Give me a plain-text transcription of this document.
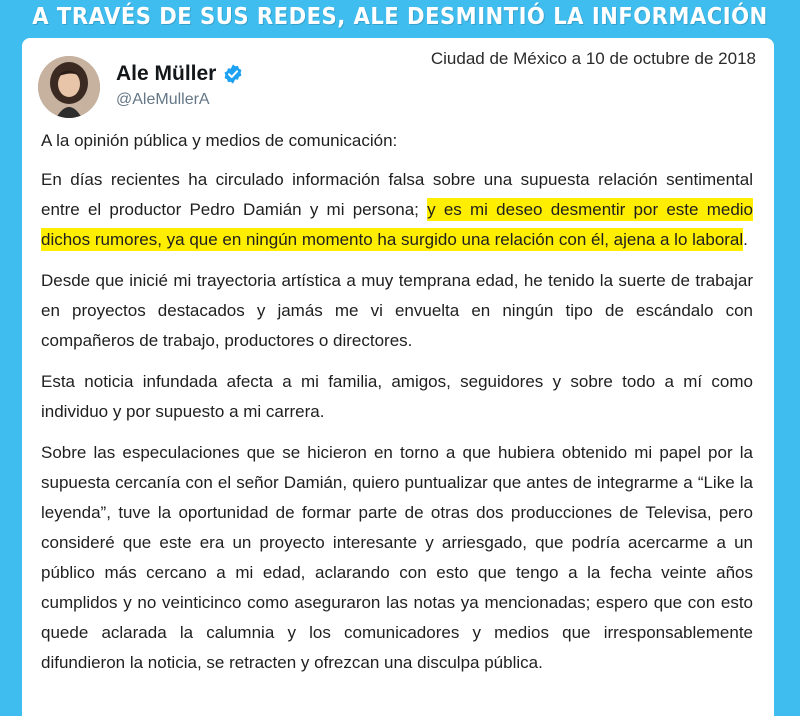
A TRAVÉS DE SUS REDES, ALE DESMINTIÓ LA INFORMACIÓN
Ale Müller
@AleMullerA
Ciudad de México a 10 de octubre de 2018

A la opinión pública y medios de comunicación:

En días recientes ha circulado información falsa sobre una supuesta relación sentimental entre el productor Pedro Damián y mi persona; y es mi deseo desmentir por este medio dichos rumores, ya que en ningún momento ha surgido una relación con él, ajena a lo laboral.

Desde que inicié mi trayectoria artística a muy temprana edad, he tenido la suerte de trabajar en proyectos destacados y jamás me vi envuelta en ningún tipo de escándalo con compañeros de trabajo, productores o directores.

Esta noticia infundada afecta a mi familia, amigos, seguidores y sobre todo a mí como individuo y por supuesto a mi carrera.

Sobre las especulaciones que se hicieron en torno a que hubiera obtenido mi papel por la supuesta cercanía con el señor Damián, quiero puntualizar que antes de integrarme a “Like la leyenda”, tuve la oportunidad de formar parte de otras dos producciones de Televisa, pero consideré que este era un proyecto interesante y arriesgado, que podría acercarme a un público más cercano a mi edad, aclarando con esto que tengo a la fecha veinte años cumplidos y no veinticinco como aseguraron las notas ya mencionadas; espero que con esto quede aclarada la calumnia y los comunicadores y medios que irresponsablemente difundieron la noticia, se retracten y ofrezcan una disculpa pública.
